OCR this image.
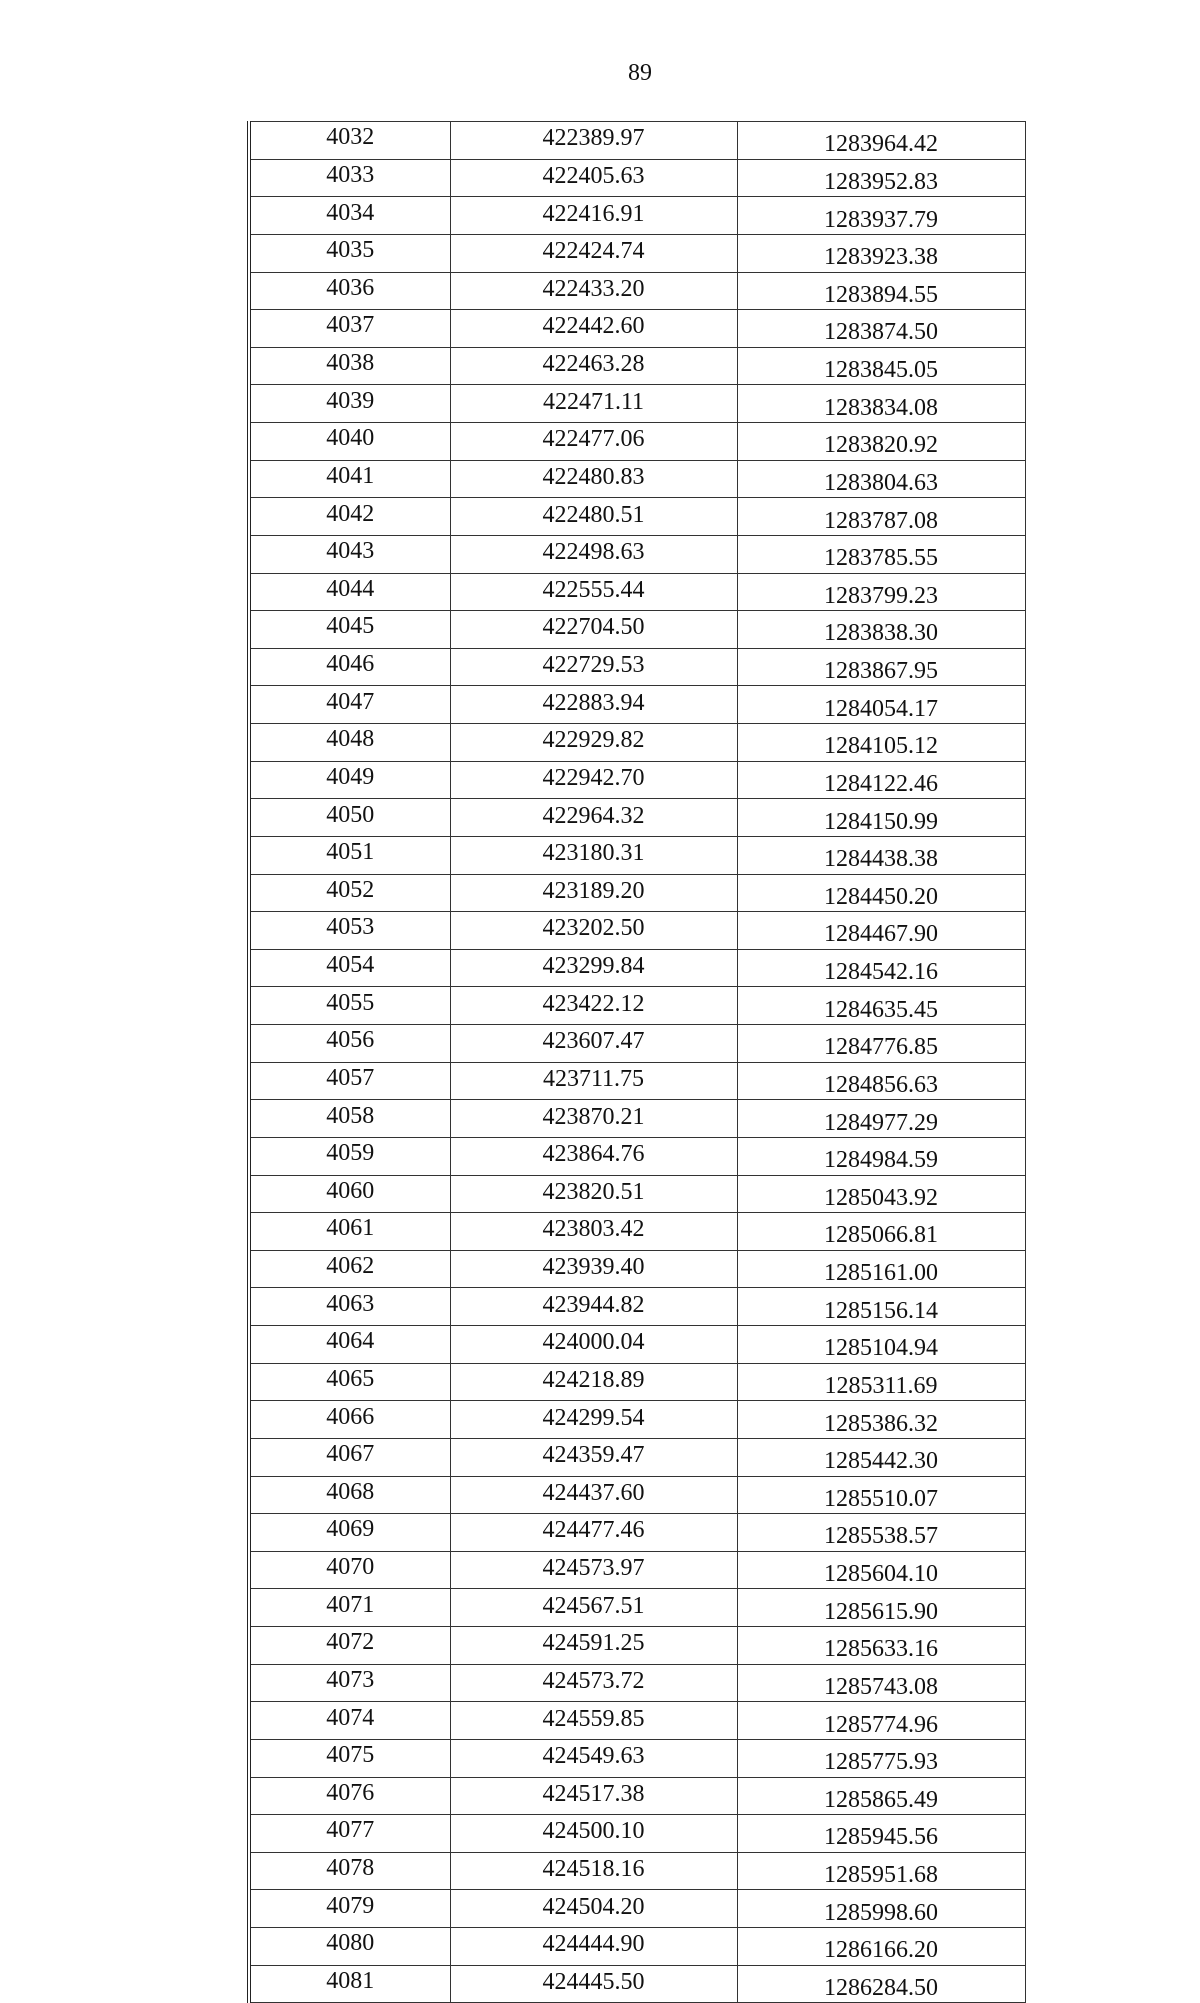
89
4032	422389.97	1283964.42
4033	422405.63	1283952.83
4034	422416.91	1283937.79
4035	422424.74	1283923.38
4036	422433.20	1283894.55
4037	422442.60	1283874.50
4038	422463.28	1283845.05
4039	422471.11	1283834.08
4040	422477.06	1283820.92
4041	422480.83	1283804.63
4042	422480.51	1283787.08
4043	422498.63	1283785.55
4044	422555.44	1283799.23
4045	422704.50	1283838.30
4046	422729.53	1283867.95
4047	422883.94	1284054.17
4048	422929.82	1284105.12
4049	422942.70	1284122.46
4050	422964.32	1284150.99
4051	423180.31	1284438.38
4052	423189.20	1284450.20
4053	423202.50	1284467.90
4054	423299.84	1284542.16
4055	423422.12	1284635.45
4056	423607.47	1284776.85
4057	423711.75	1284856.63
4058	423870.21	1284977.29
4059	423864.76	1284984.59
4060	423820.51	1285043.92
4061	423803.42	1285066.81
4062	423939.40	1285161.00
4063	423944.82	1285156.14
4064	424000.04	1285104.94
4065	424218.89	1285311.69
4066	424299.54	1285386.32
4067	424359.47	1285442.30
4068	424437.60	1285510.07
4069	424477.46	1285538.57
4070	424573.97	1285604.10
4071	424567.51	1285615.90
4072	424591.25	1285633.16
4073	424573.72	1285743.08
4074	424559.85	1285774.96
4075	424549.63	1285775.93
4076	424517.38	1285865.49
4077	424500.10	1285945.56
4078	424518.16	1285951.68
4079	424504.20	1285998.60
4080	424444.90	1286166.20
4081	424445.50	1286284.50
